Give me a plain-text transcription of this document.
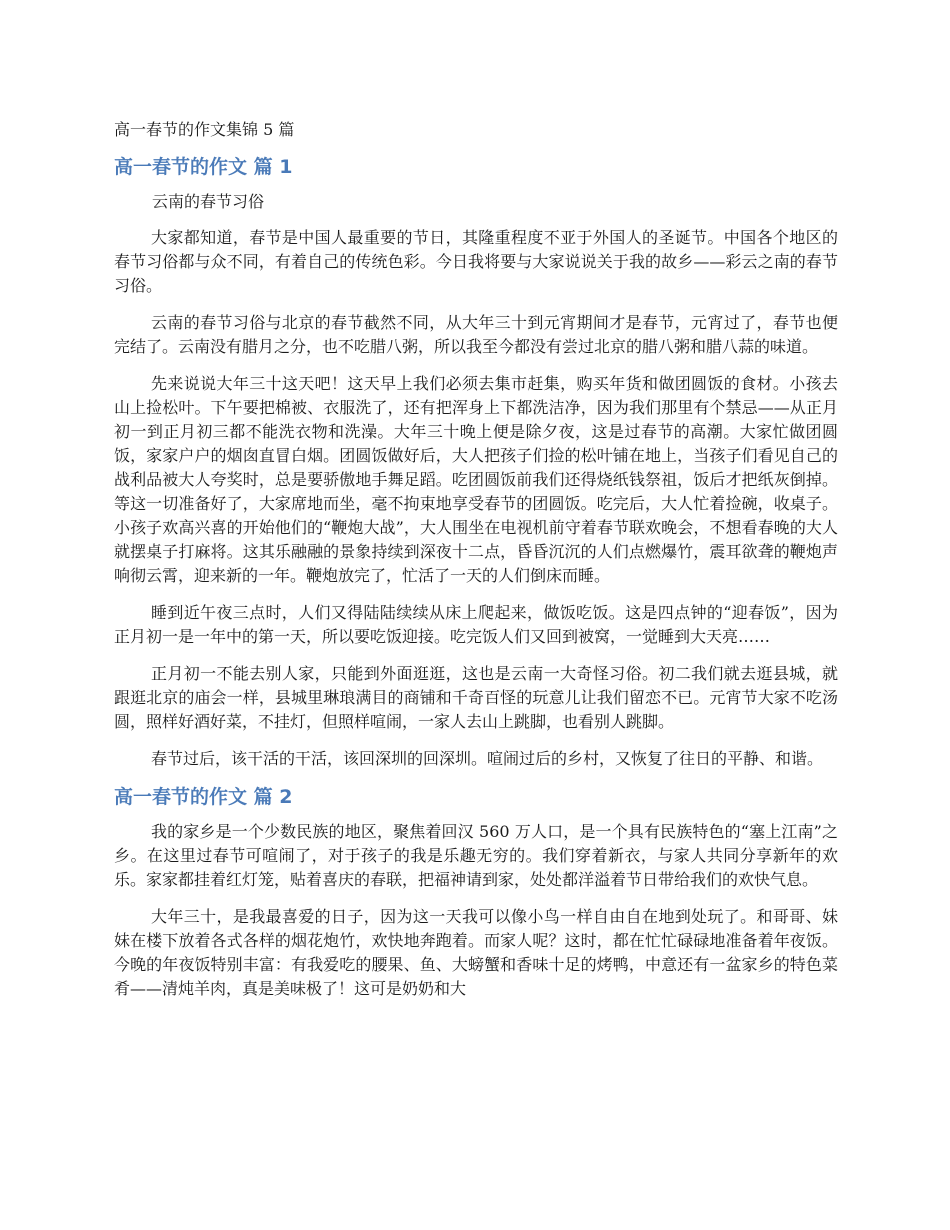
高一春节的作文集锦 5 篇

高一春节的作文 篇 1

云南的春节习俗

大家都知道，春节是中国人最重要的节日，其隆重程度不亚于外国人的圣诞节。中国各个地区的春节习俗都与众不同，有着自己的传统色彩。今日我将要与大家说说关于我的故乡——彩云之南的春节习俗。

云南的春节习俗与北京的春节截然不同，从大年三十到元宵期间才是春节，元宵过了，春节也便完结了。云南没有腊月之分，也不吃腊八粥，所以我至今都没有尝过北京的腊八粥和腊八蒜的味道。

先来说说大年三十这天吧！这天早上我们必须去集市赶集，购买年货和做团圆饭的食材。小孩去山上捡松叶。下午要把棉被、衣服洗了，还有把浑身上下都洗洁净，因为我们那里有个禁忌——从正月初一到正月初三都不能洗衣物和洗澡。大年三十晚上便是除夕夜，这是过春节的高潮。大家忙做团圆饭，家家户户的烟囱直冒白烟。团圆饭做好后，大人把孩子们捡的松叶铺在地上，当孩子们看见自己的战利品被大人夸奖时，总是要骄傲地手舞足蹈。吃团圆饭前我们还得烧纸钱祭祖，饭后才把纸灰倒掉。等这一切准备好了，大家席地而坐，毫不拘束地享受春节的团圆饭。吃完后，大人忙着捡碗，收桌子。小孩子欢高兴喜的开始他们的“鞭炮大战”，大人围坐在电视机前守着春节联欢晚会，不想看春晚的大人就摆桌子打麻将。这其乐融融的景象持续到深夜十二点，昏昏沉沉的人们点燃爆竹，震耳欲聋的鞭炮声响彻云霄，迎来新的一年。鞭炮放完了，忙活了一天的人们倒床而睡。

睡到近午夜三点时，人们又得陆陆续续从床上爬起来，做饭吃饭。这是四点钟的“迎春饭”，因为正月初一是一年中的第一天，所以要吃饭迎接。吃完饭人们又回到被窝，一觉睡到大天亮……

正月初一不能去别人家，只能到外面逛逛，这也是云南一大奇怪习俗。初二我们就去逛县城，就跟逛北京的庙会一样，县城里琳琅满目的商铺和千奇百怪的玩意儿让我们留恋不已。元宵节大家不吃汤圆，照样好酒好菜，不挂灯，但照样喧闹，一家人去山上跳脚，也看别人跳脚。

春节过后，该干活的干活，该回深圳的回深圳。喧闹过后的乡村，又恢复了往日的平静、和谐。

高一春节的作文 篇 2

我的家乡是一个少数民族的地区，聚焦着回汉 560 万人口，是一个具有民族特色的“塞上江南”之乡。在这里过春节可喧闹了，对于孩子的我是乐趣无穷的。我们穿着新衣，与家人共同分享新年的欢乐。家家都挂着红灯笼，贴着喜庆的春联，把福神请到家，处处都洋溢着节日带给我们的欢快气息。

大年三十，是我最喜爱的日子，因为这一天我可以像小鸟一样自由自在地到处玩了。和哥哥、妹妹在楼下放着各式各样的烟花炮竹，欢快地奔跑着。而家人呢？这时，都在忙忙碌碌地准备着年夜饭。今晚的年夜饭特别丰富：有我爱吃的腰果、鱼、大螃蟹和香味十足的烤鸭，中意还有一盆家乡的特色菜肴——清炖羊肉，真是美味极了！这可是奶奶和大
